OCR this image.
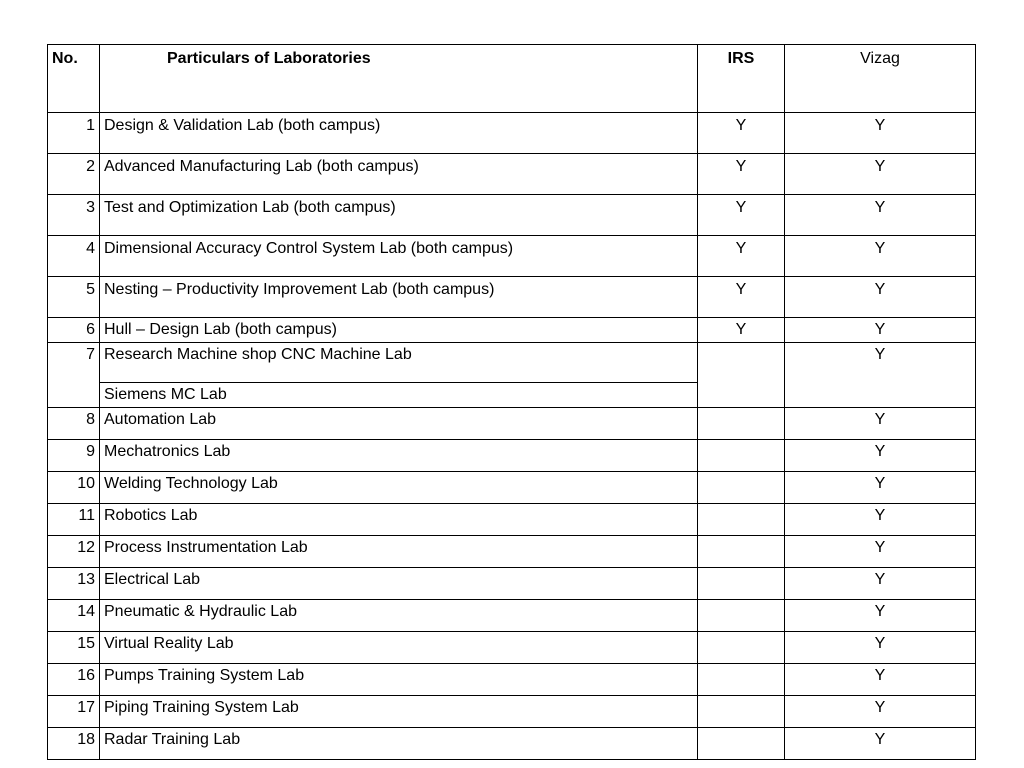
No.	Particulars of Laboratories	IRS	Vizag
1	Design & Validation Lab (both campus)	Y	Y
2	Advanced Manufacturing Lab (both campus)	Y	Y
3	Test and Optimization Lab (both campus)	Y	Y
4	Dimensional Accuracy Control System Lab (both campus)	Y	Y
5	Nesting – Productivity Improvement Lab (both campus)	Y	Y
6	Hull – Design Lab (both campus)	Y	Y
7	Research Machine shop CNC Machine Lab		Y
	Siemens MC Lab		
8	Automation Lab		Y
9	Mechatronics Lab		Y
10	Welding Technology Lab		Y
11	Robotics Lab		Y
12	Process Instrumentation Lab		Y
13	Electrical Lab		Y
14	Pneumatic & Hydraulic Lab		Y
15	Virtual Reality Lab		Y
16	Pumps Training System Lab		Y
17	Piping Training System Lab		Y
18	Radar Training Lab		Y
